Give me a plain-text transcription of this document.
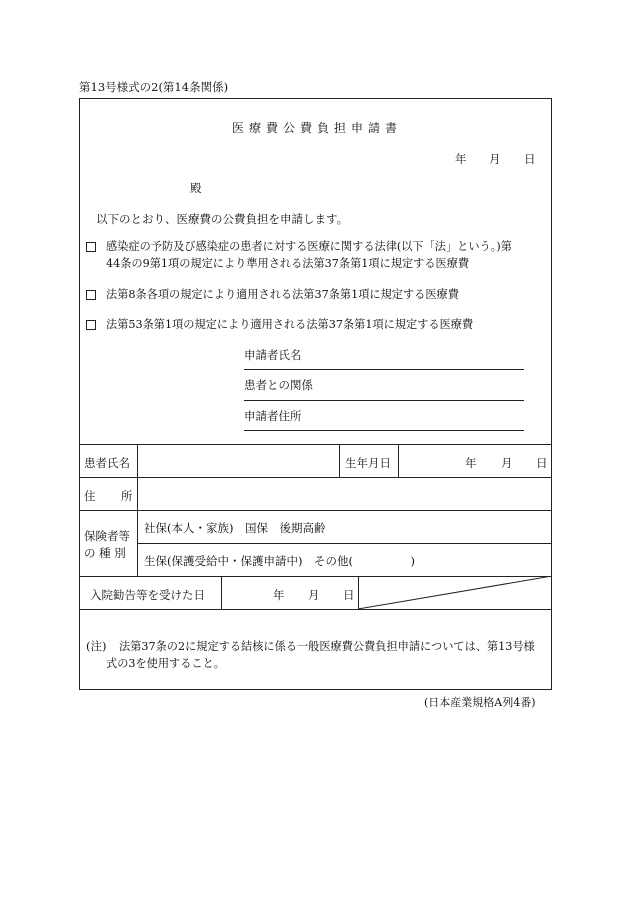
第13号様式の2(第14条関係)
医療費公費負担申請書
年 月 日
殿
以下のとおり、医療費の公費負担を申請します。
感染症の予防及び感染症の患者に対する医療に関する法律(以下「法」という。)第
44条の9第1項の規定により準用される法第37条第1項に規定する医療費
法第8条各項の規定により適用される法第37条第1項に規定する医療費
法第53条第1項の規定により適用される法第37条第1項に規定する医療費
申請者氏名
患者との関係
申請者住所
患者氏名	生年月日	年 月 日
住 所
保険者等
の 種 別
社保(本人・家族)　国保　後期高齢
生保(保護受給中・保護申請中)　その他(　　　　　)
入院勧告等を受けた日	年 月 日
(注) 法第37条の2に規定する結核に係る一般医療費公費負担申請については、第13号様
式の3を使用すること。
(日本産業規格A列4番)
